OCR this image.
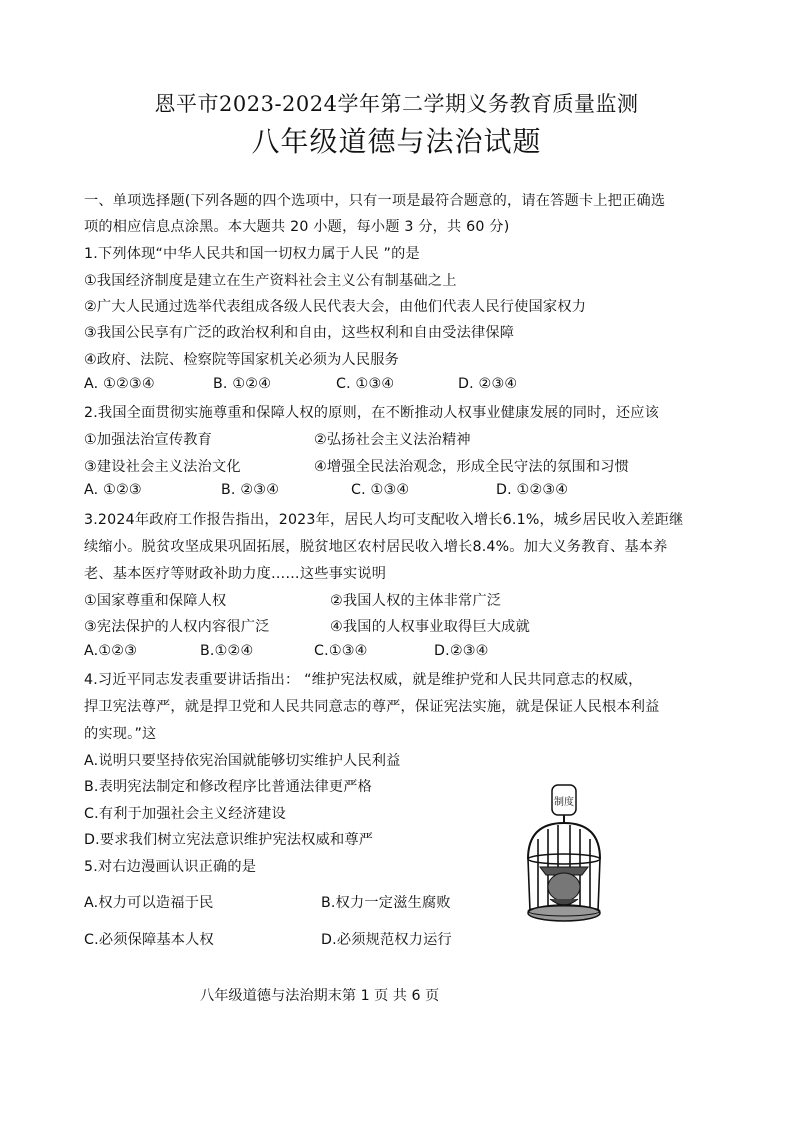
恩平市2023-2024学年第二学期义务教育质量监测
八年级道德与法治试题
一、单项选择题(下列各题的四个选项中，只有一项是最符合题意的，请在答题卡上把正确选
项的相应信息点涂黑。本大题共 20 小题，每小题 3 分，共 60 分)
1.下列体现“中华人民共和国一切权力属于人民 ”的是
①我国经济制度是建立在生产资料社会主义公有制基础之上
②广大人民通过选举代表组成各级人民代表大会，由他们代表人民行使国家权力
③我国公民享有广泛的政治权利和自由，这些权利和自由受法律保障
④政府、法院、检察院等国家机关必须为人民服务
A. ①②③④	B. ①②④	C. ①③④	D. ②③④
2.我国全面贯彻实施尊重和保障人权的原则，在不断推动人权事业健康发展的同时，还应该
①加强法治宣传教育	②弘扬社会主义法治精神
③建设社会主义法治文化	④增强全民法治观念，形成全民守法的氛围和习惯
A. ①②③	B. ②③④	C. ①③④	D. ①②③④
3.2024年政府工作报告指出，2023年，居民人均可支配收入增长6.1%，城乡居民收入差距继
续缩小。脱贫攻坚成果巩固拓展，脱贫地区农村居民收入增长8.4%。加大义务教育、基本养
老、基本医疗等财政补助力度……这些事实说明
①国家尊重和保障人权	②我国人权的主体非常广泛
③宪法保护的人权内容很广泛	④我国的人权事业取得巨大成就
A.①②③	B.①②④	C.①③④	D.②③④
4.习近平同志发表重要讲话指出： “维护宪法权威，就是维护党和人民共同意志的权威，
捍卫宪法尊严，就是捍卫党和人民共同意志的尊严，保证宪法实施，就是保证人民根本利益
的实现。”这
A.说明只要坚持依宪治国就能够切实维护人民利益
B.表明宪法制定和修改程序比普通法律更严格
C.有利于加强社会主义经济建设
D.要求我们树立宪法意识维护宪法权威和尊严
5.对右边漫画认识正确的是
A.权力可以造福于民	B.权力一定滋生腐败
C.必须保障基本人权	D.必须规范权力运行
制度
八年级道德与法治期末第 1 页 共 6 页
